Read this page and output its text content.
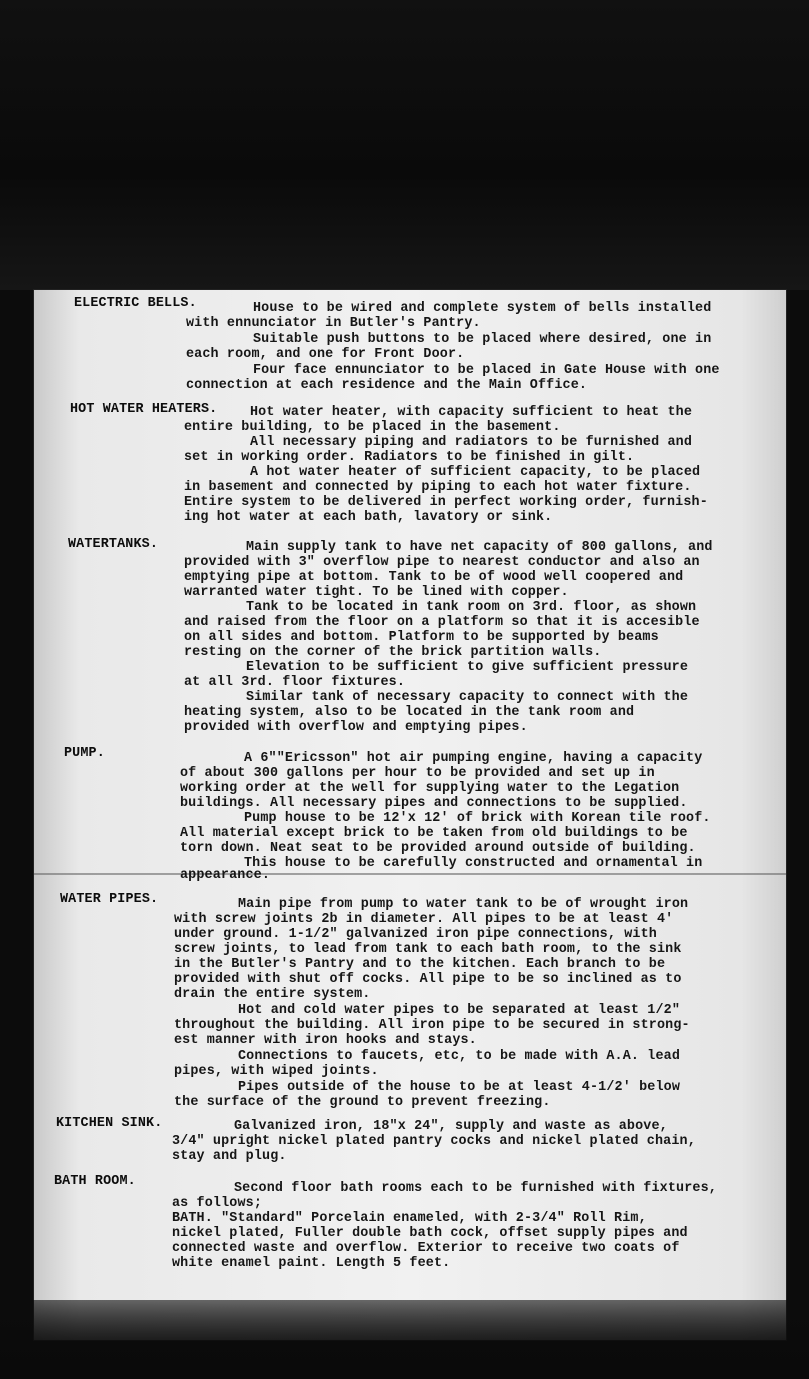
ELECTRIC BELLS.	House to be wired and complete system of bells installed
with ennunciator in Butler's Pantry.
Suitable push buttons to be placed where desired, one in
each room, and one for Front Door.
Four face ennunciator to be placed in Gate House with one
connection at each residence and the Main Office.
HOT WATER HEATERS. Hot water heater, with capacity sufficient to heat the
entire building, to be placed in the basement.
All necessary piping and radiators to be furnished and
set in working order. Radiators to be finished in gilt.
A hot water heater of sufficient capacity, to be placed
in basement and connected by piping to each hot water fixture.
Entire system to be delivered in perfect working order, furnish-
ing hot water at each bath, lavatory or sink.
WATERTANKS.	Main supply tank to have net capacity of 800 gallons, and
provided with 3" overflow pipe to nearest conductor and also an
emptying pipe at bottom. Tank to be of wood well coopered and
warranted water tight. To be lined with copper.
Tank to be located in tank room on 3rd. floor, as shown
and raised from the floor on a platform so that it is accesible
on all sides and bottom. Platform to be supported by beams
resting on the corner of the brick partition walls.
Elevation to be sufficient to give sufficient pressure
at all 3rd. floor fixtures.
Similar tank of necessary capacity to connect with the
heating system, also to be located in the tank room and
provided with overflow and emptying pipes.
PUMP.	A 6""Ericsson" hot air pumping engine, having a capacity
of about 300 gallons per hour to be provided and set up in
working order at the well for supplying water to the Legation
buildings. All necessary pipes and connections to be supplied.
Pump house to be 12'x 12' of brick with Korean tile roof.
All material except brick to be taken from old buildings to be
torn down. Neat seat to be provided around outside of building.
This house to be carefully constructed and ornamental in
appearance.
WATER PIPES.	Main pipe from pump to water tank to be of wrought iron
with screw joints 2b in diameter. All pipes to be at least 4'
under ground. 1-1/2" galvanized iron pipe connections, with
screw joints, to lead from tank to each bath room, to the sink
in the Butler's Pantry and to the kitchen. Each branch to be
provided with shut off cocks. All pipe to be so inclined as to
drain the entire system.
Hot and cold water pipes to be separated at least 1/2"
throughout the building. All iron pipe to be secured in strong-
est manner with iron hooks and stays.
Connections to faucets, etc, to be made with A.A. lead
pipes, with wiped joints.
Pipes outside of the house to be at least 4-1/2' below
the surface of the ground to prevent freezing.
KITCHEN SINK.	Galvanized iron, 18"x 24", supply and waste as above,
3/4" upright nickel plated pantry cocks and nickel plated chain,
stay and plug.
BATH ROOM.	Second floor bath rooms each to be furnished with fixtures,
as follows;
BATH. "Standard" Porcelain enameled, with 2-3/4" Roll Rim,
nickel plated, Fuller double bath cock, offset supply pipes and
connected waste and overflow. Exterior to receive two coats of
white enamel paint. Length 5 feet.
